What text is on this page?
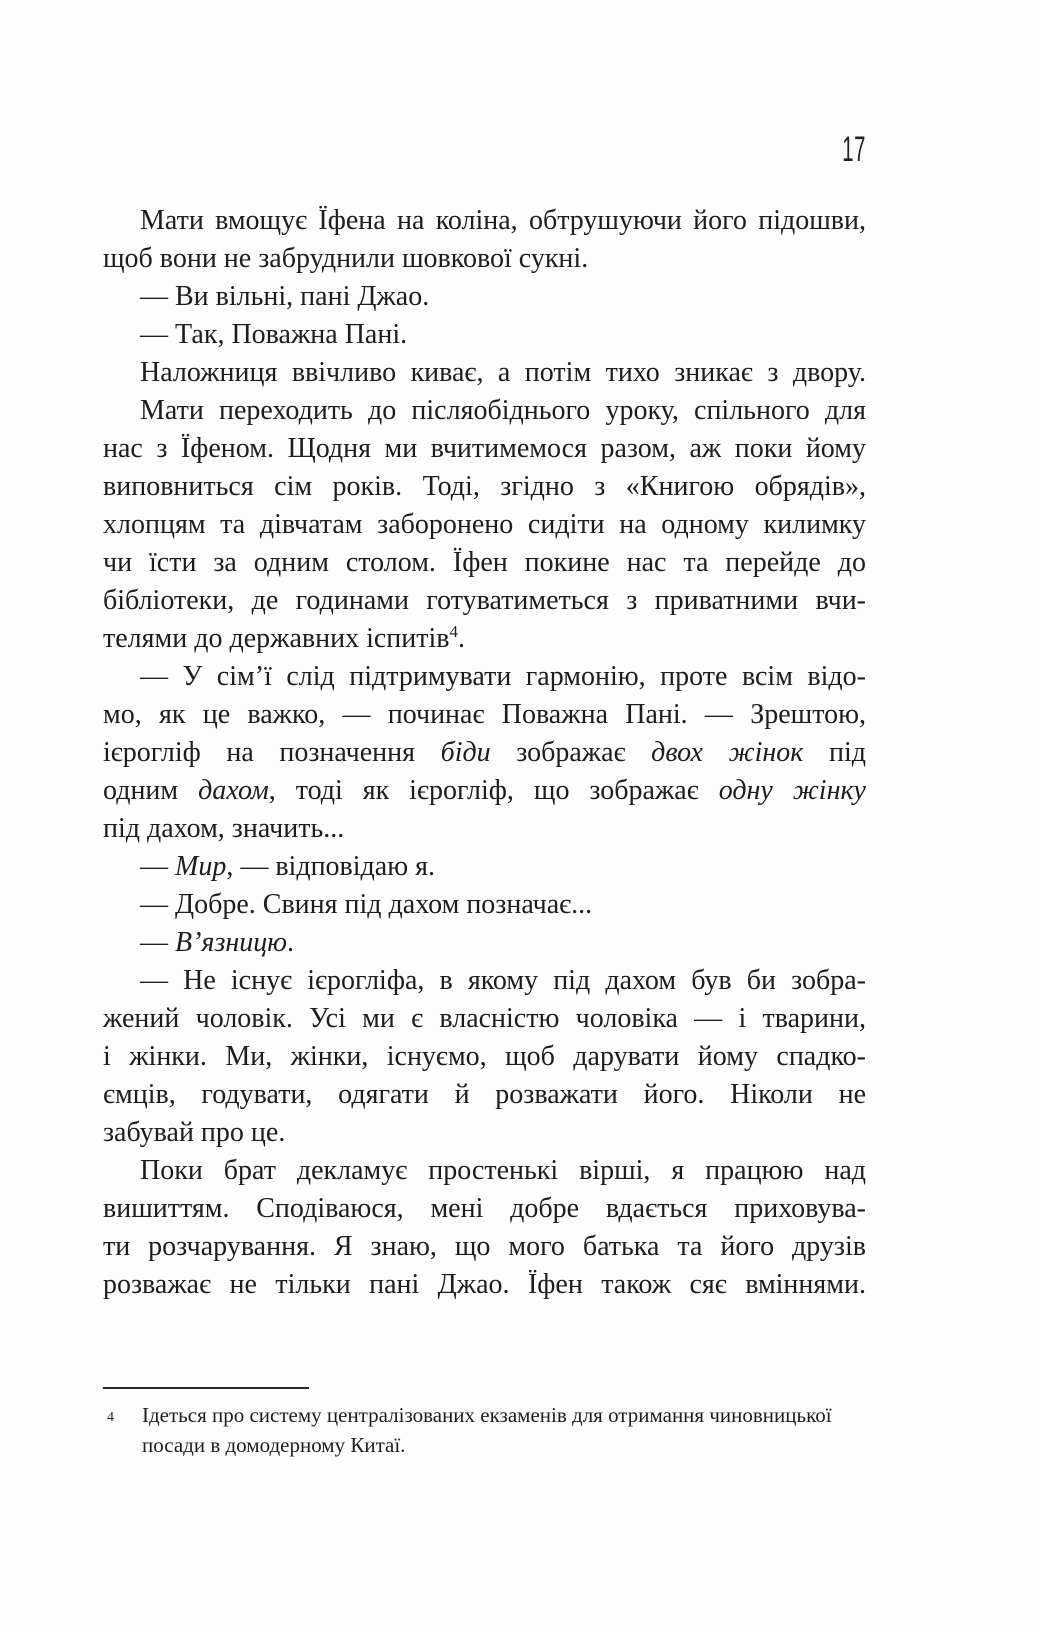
17
Мати вмощує Їфена на коліна, обтрушуючи його підошви,
щоб вони не забруднили шовкової сукні.
— Ви вільні, пані Джао.
— Так, Поважна Пані.
Наложниця ввічливо киває, а потім тихо зникає з двору.
Мати переходить до післяобіднього уроку, спільного для
нас з Їфеном. Щодня ми вчитимемося разом, аж поки йому
виповниться сім років. Тоді, згідно з «Книгою обрядів»,
хлопцям та дівчатам заборонено сидіти на одному килимку
чи їсти за одним столом. Їфен покине нас та перейде до
бібліотеки, де годинами готуватиметься з приватними вчи-
телями до державних іспитів$^4$.
— У сім’ї слід підтримувати гармонію, проте всім відо-
мо, як це важко, — починає Поважна Пані. — Зрештою,
ієрогліф на позначення біди зображає двох жінок під
одним дахом, тоді як ієрогліф, що зображає одну жінку
під дахом, значить...
— Мир, — відповідаю я.
— Добре. Свиня під дахом позначає...
— В’язницю.
— Не існує ієрогліфа, в якому під дахом був би зобра-
жений чоловік. Усі ми є власністю чоловіка — і тварини,
і жінки. Ми, жінки, існуємо, щоб дарувати йому спадко-
ємців, годувати, одягати й розважати його. Ніколи не
забувай про це.
Поки брат декламує простенькі вірші, я працюю над
вишиттям. Сподіваюся, мені добре вдається приховува-
ти розчарування. Я знаю, що мого батька та його друзів
розважає не тільки пані Джао. Їфен також сяє вміннями.
4 Ідеться про систему централізованих екзаменів для отримання чиновницької
посади в домодерному Китаї.
